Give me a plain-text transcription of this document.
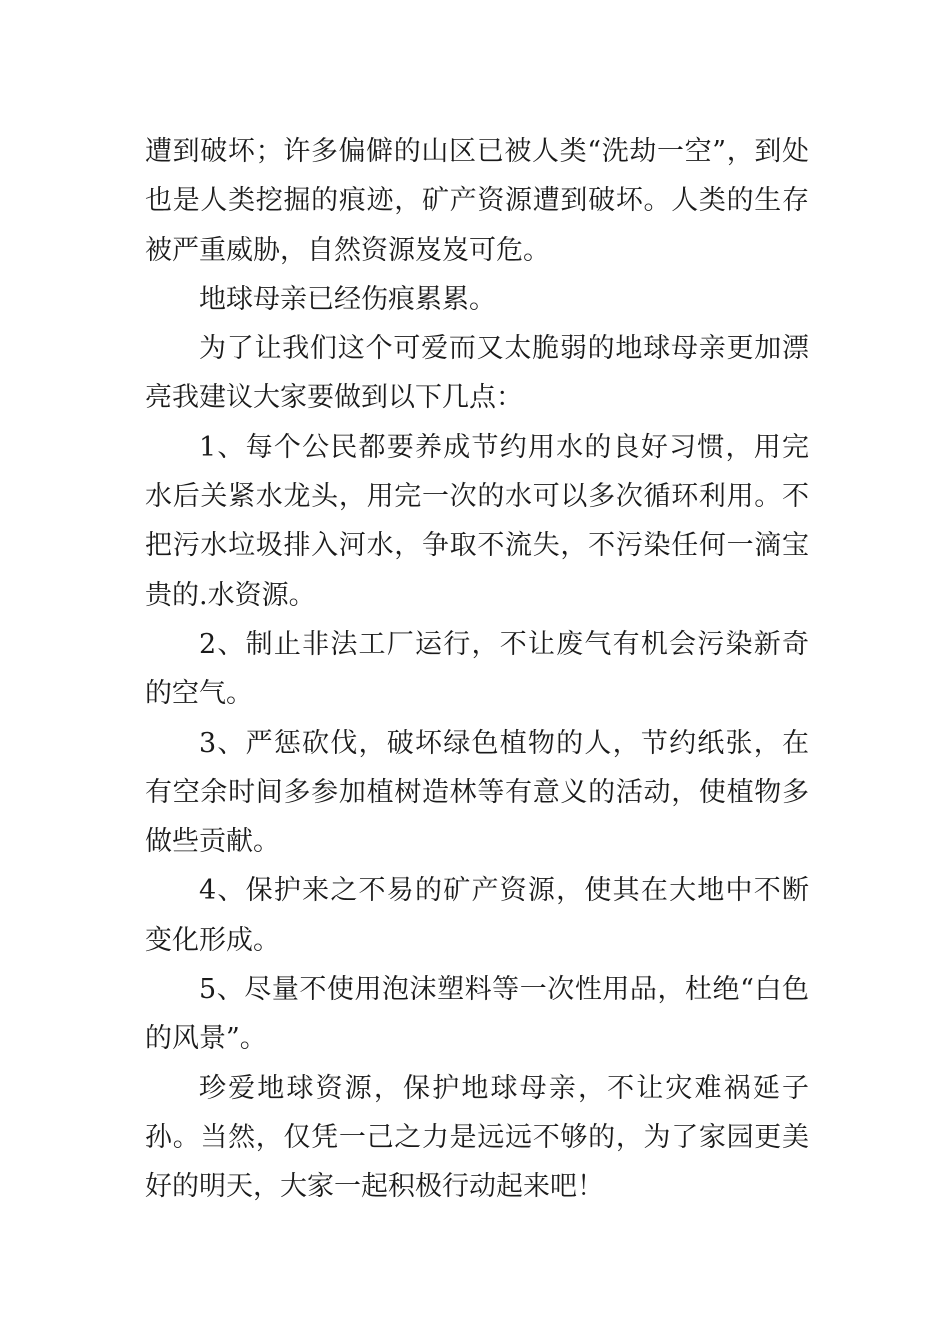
遭到破坏；许多偏僻的山区已被人类“洗劫一空”，到处也是人类挖掘的痕迹，矿产资源遭到破坏。人类的生存被严重威胁，自然资源岌岌可危。

地球母亲已经伤痕累累。

为了让我们这个可爱而又太脆弱的地球母亲更加漂亮我建议大家要做到以下几点：

1、每个公民都要养成节约用水的良好习惯，用完水后关紧水龙头，用完一次的水可以多次循环利用。不把污水垃圾排入河水，争取不流失，不污染任何一滴宝贵的.水资源。

2、制止非法工厂运行，不让废气有机会污染新奇的空气。

3、严惩砍伐，破坏绿色植物的人，节约纸张，在有空余时间多参加植树造林等有意义的活动，使植物多做些贡献。

4、保护来之不易的矿产资源，使其在大地中不断变化形成。

5、尽量不使用泡沫塑料等一次性用品，杜绝“白色的风景”。

珍爱地球资源，保护地球母亲，不让灾难祸延子孙。当然，仅凭一己之力是远远不够的，为了家园更美好的明天，大家一起积极行动起来吧！
